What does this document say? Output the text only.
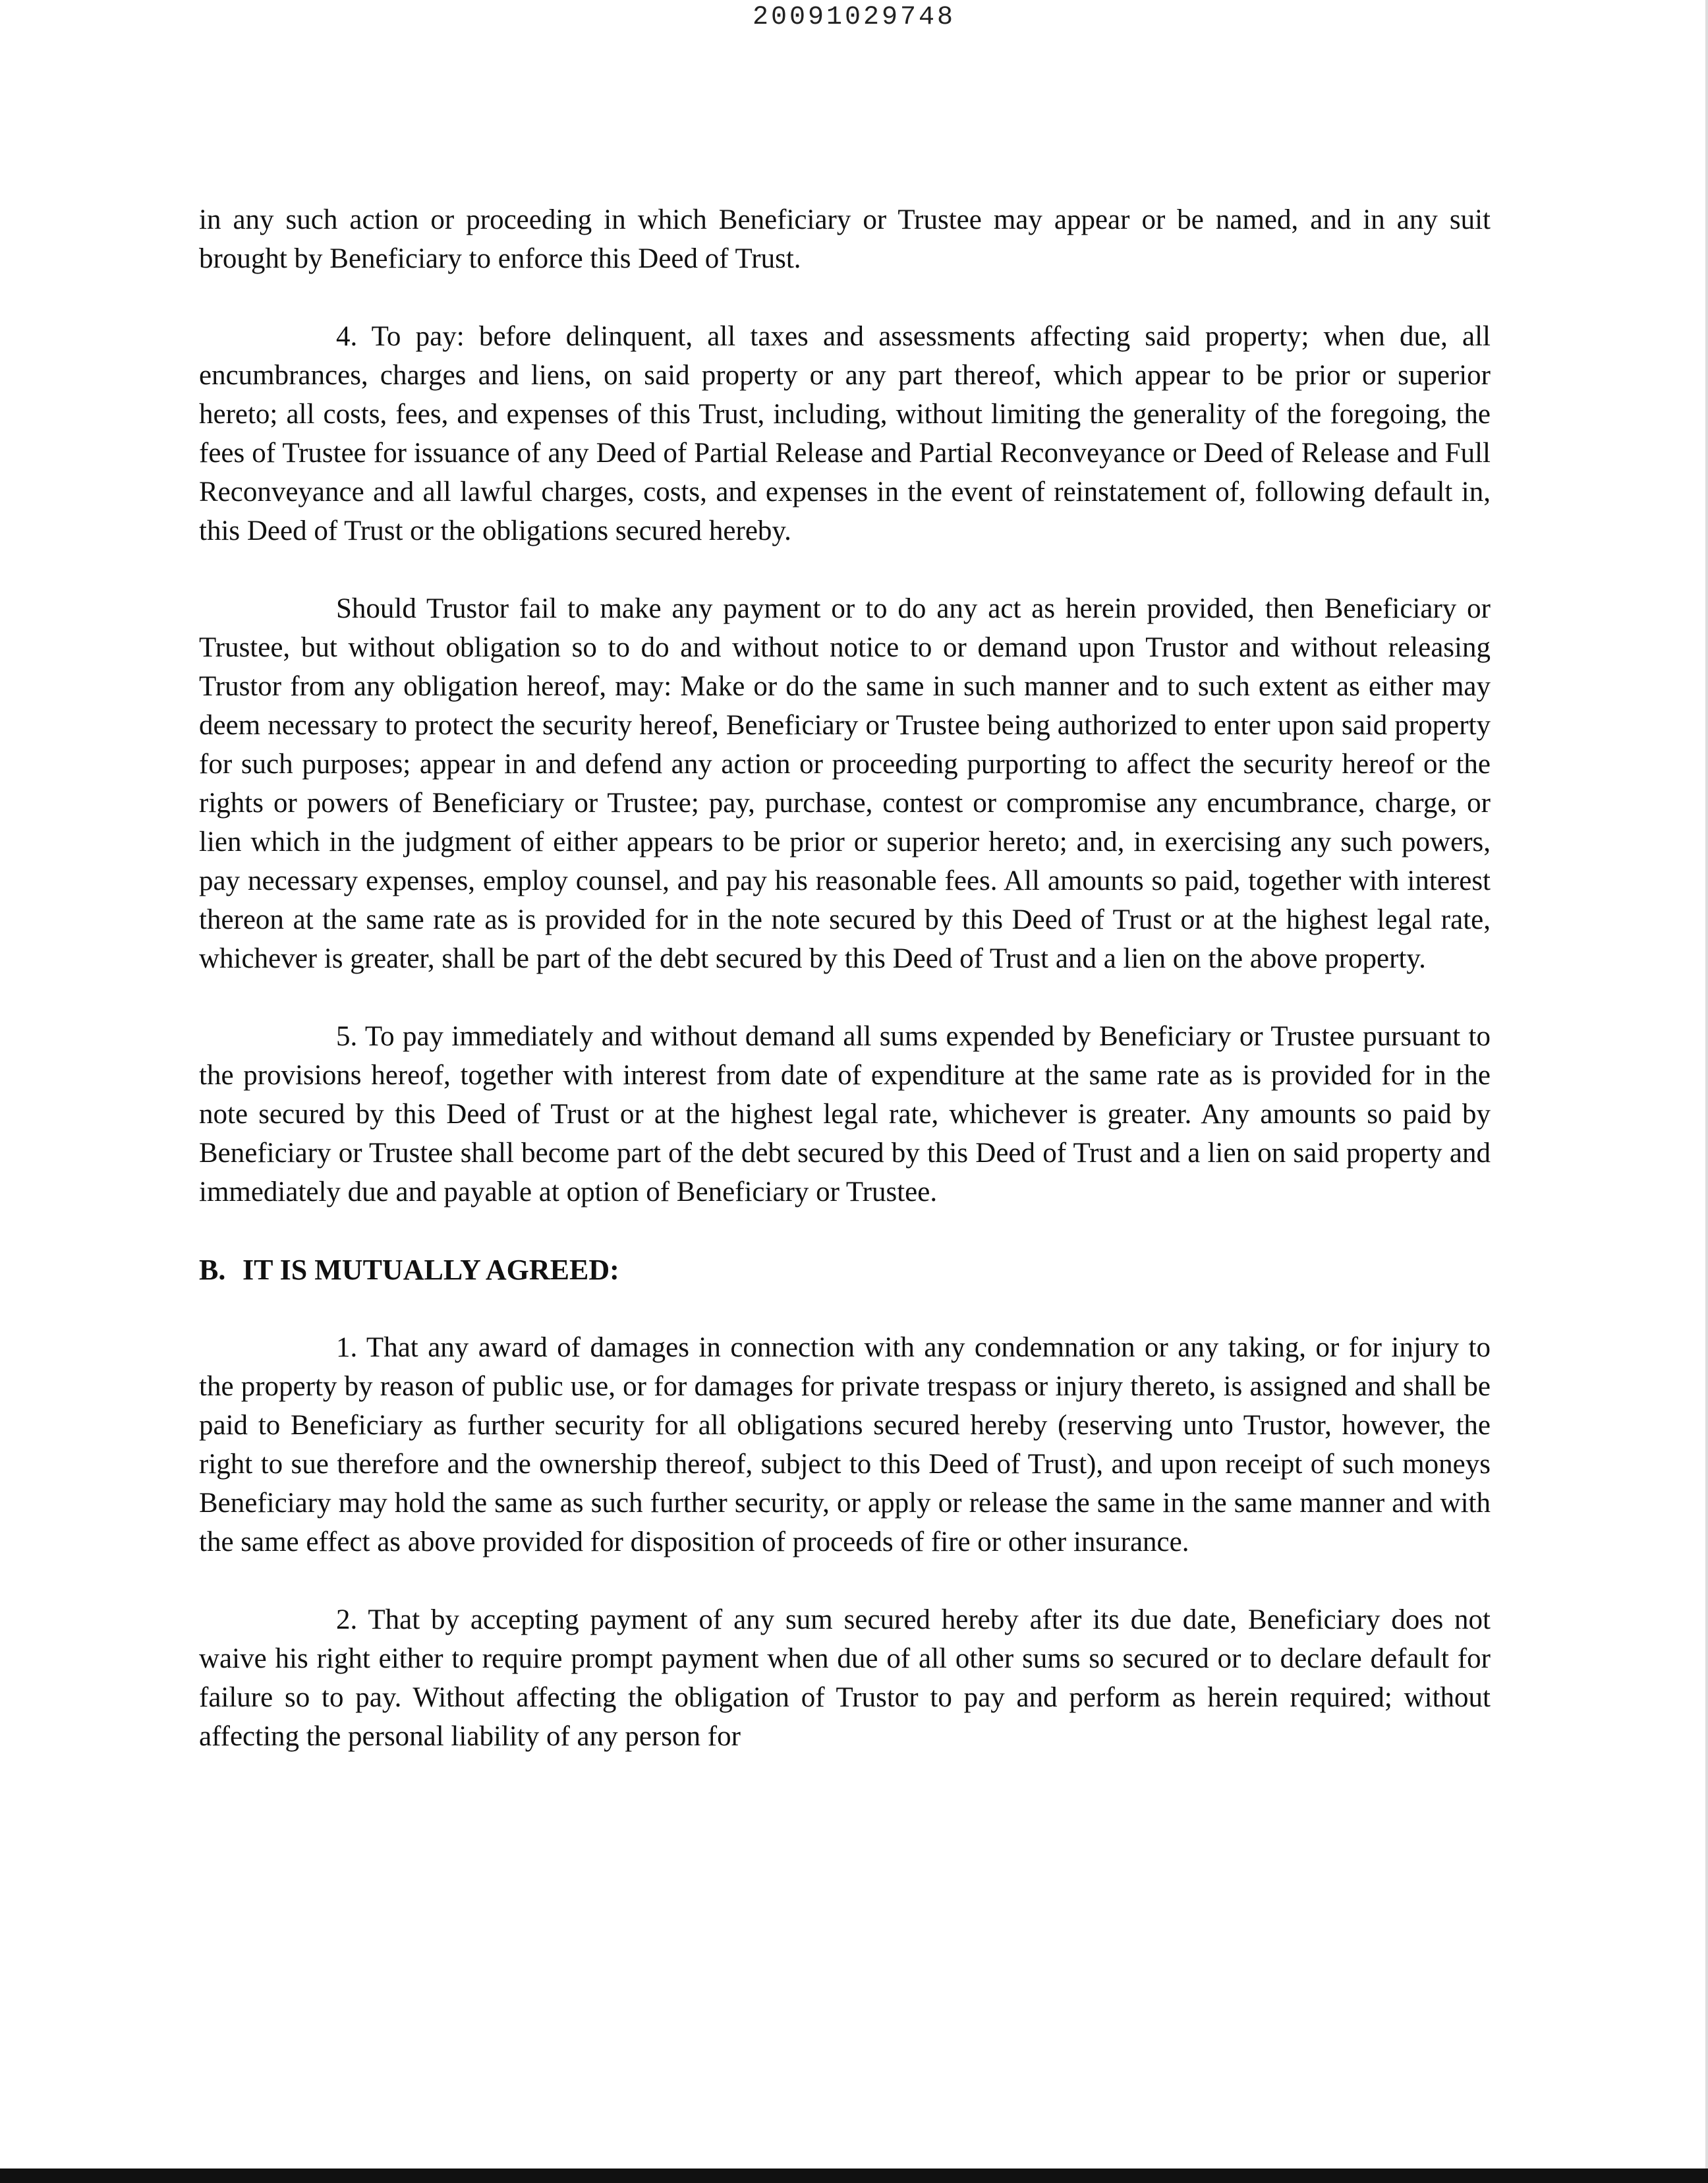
20091029748

in any such action or proceeding in which Beneficiary or Trustee may appear or be named, and in any suit brought by Beneficiary to enforce this Deed of Trust.

4. To pay: before delinquent, all taxes and assessments affecting said property; when due, all encumbrances, charges and liens, on said property or any part thereof, which appear to be prior or superior hereto; all costs, fees, and expenses of this Trust, including, without limiting the generality of the foregoing, the fees of Trustee for issuance of any Deed of Partial Release and Partial Reconveyance or Deed of Release and Full Reconveyance and all lawful charges, costs, and expenses in the event of reinstatement of, following default in, this Deed of Trust or the obligations secured hereby.

Should Trustor fail to make any payment or to do any act as herein provided, then Beneficiary or Trustee, but without obligation so to do and without notice to or demand upon Trustor and without releasing Trustor from any obligation hereof, may: Make or do the same in such manner and to such extent as either may deem necessary to protect the security hereof, Beneficiary or Trustee being authorized to enter upon said property for such purposes; appear in and defend any action or proceeding purporting to affect the security hereof or the rights or powers of Beneficiary or Trustee; pay, purchase, contest or compromise any encumbrance, charge, or lien which in the judgment of either appears to be prior or superior hereto; and, in exercising any such powers, pay necessary expenses, employ counsel, and pay his reasonable fees. All amounts so paid, together with interest thereon at the same rate as is provided for in the note secured by this Deed of Trust or at the highest legal rate, whichever is greater, shall be part of the debt secured by this Deed of Trust and a lien on the above property.

5. To pay immediately and without demand all sums expended by Beneficiary or Trustee pursuant to the provisions hereof, together with interest from date of expenditure at the same rate as is provided for in the note secured by this Deed of Trust or at the highest legal rate, whichever is greater. Any amounts so paid by Beneficiary or Trustee shall become part of the debt secured by this Deed of Trust and a lien on said property and immediately due and payable at option of Beneficiary or Trustee.

B. IT IS MUTUALLY AGREED:

1. That any award of damages in connection with any condemnation or any taking, or for injury to the property by reason of public use, or for damages for private trespass or injury thereto, is assigned and shall be paid to Beneficiary as further security for all obligations secured hereby (reserving unto Trustor, however, the right to sue therefore and the ownership thereof, subject to this Deed of Trust), and upon receipt of such moneys Beneficiary may hold the same as such further security, or apply or release the same in the same manner and with the same effect as above provided for disposition of proceeds of fire or other insurance.

2. That by accepting payment of any sum secured hereby after its due date, Beneficiary does not waive his right either to require prompt payment when due of all other sums so secured or to declare default for failure so to pay. Without affecting the obligation of Trustor to pay and perform as herein required; without affecting the personal liability of any person for
